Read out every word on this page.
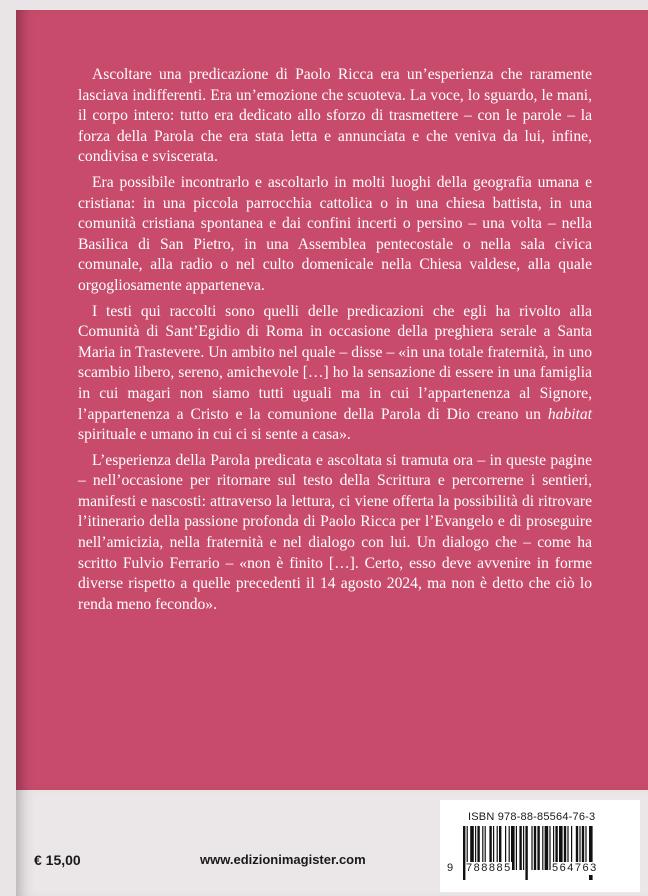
Ascoltare una predicazione di Paolo Ricca era un’esperienza che raramente lasciava indifferenti. Era un’emozione che scuoteva. La voce, lo sguardo, le mani, il corpo intero: tutto era dedicato allo sforzo di trasmettere – con le parole – la forza della Parola che era stata letta e annunciata e che veniva da lui, infine, condivisa e sviscerata.

Era possibile incontrarlo e ascoltarlo in molti luoghi della geografia umana e cristiana: in una piccola parrocchia cattolica o in una chiesa battista, in una comunità cristiana spontanea e dai confini incerti o persino – una volta – nella Basilica di San Pietro, in una Assemblea pentecostale o nella sala civica comunale, alla radio o nel culto domenicale nella Chiesa valdese, alla quale orgogliosamente apparteneva.

I testi qui raccolti sono quelli delle predicazioni che egli ha rivolto alla Comunità di Sant’Egidio di Roma in occasione della preghiera serale a Santa Maria in Trastevere. Un ambito nel quale – disse – «in una totale fraternità, in uno scambio libero, sereno, amichevole […] ho la sensazione di essere in una famiglia in cui magari non siamo tutti uguali ma in cui l’appartenenza al Signore, l’appartenenza a Cristo e la comunione della Parola di Dio creano un habitat spirituale e umano in cui ci si sente a casa».

L’esperienza della Parola predicata e ascoltata si tramuta ora – in queste pagine – nell’occasione per ritornare sul testo della Scrittura e percorrerne i sentieri, manifesti e nascosti: attraverso la lettura, ci viene offerta la possibilità di ritrovare l’itinerario della passione profonda di Paolo Ricca per l’Evangelo e di proseguire nell’amicizia, nella fraternità e nel dialogo con lui. Un dialogo che – come ha scritto Fulvio Ferrario – «non è finito […]. Certo, esso deve avvenire in forme diverse rispetto a quelle precedenti il 14 agosto 2024, ma non è detto che ciò lo renda meno fecondo».

€ 15,00	www.edizionimagister.com
ISBN 978-88-85564-76-3
9 788885	564763
